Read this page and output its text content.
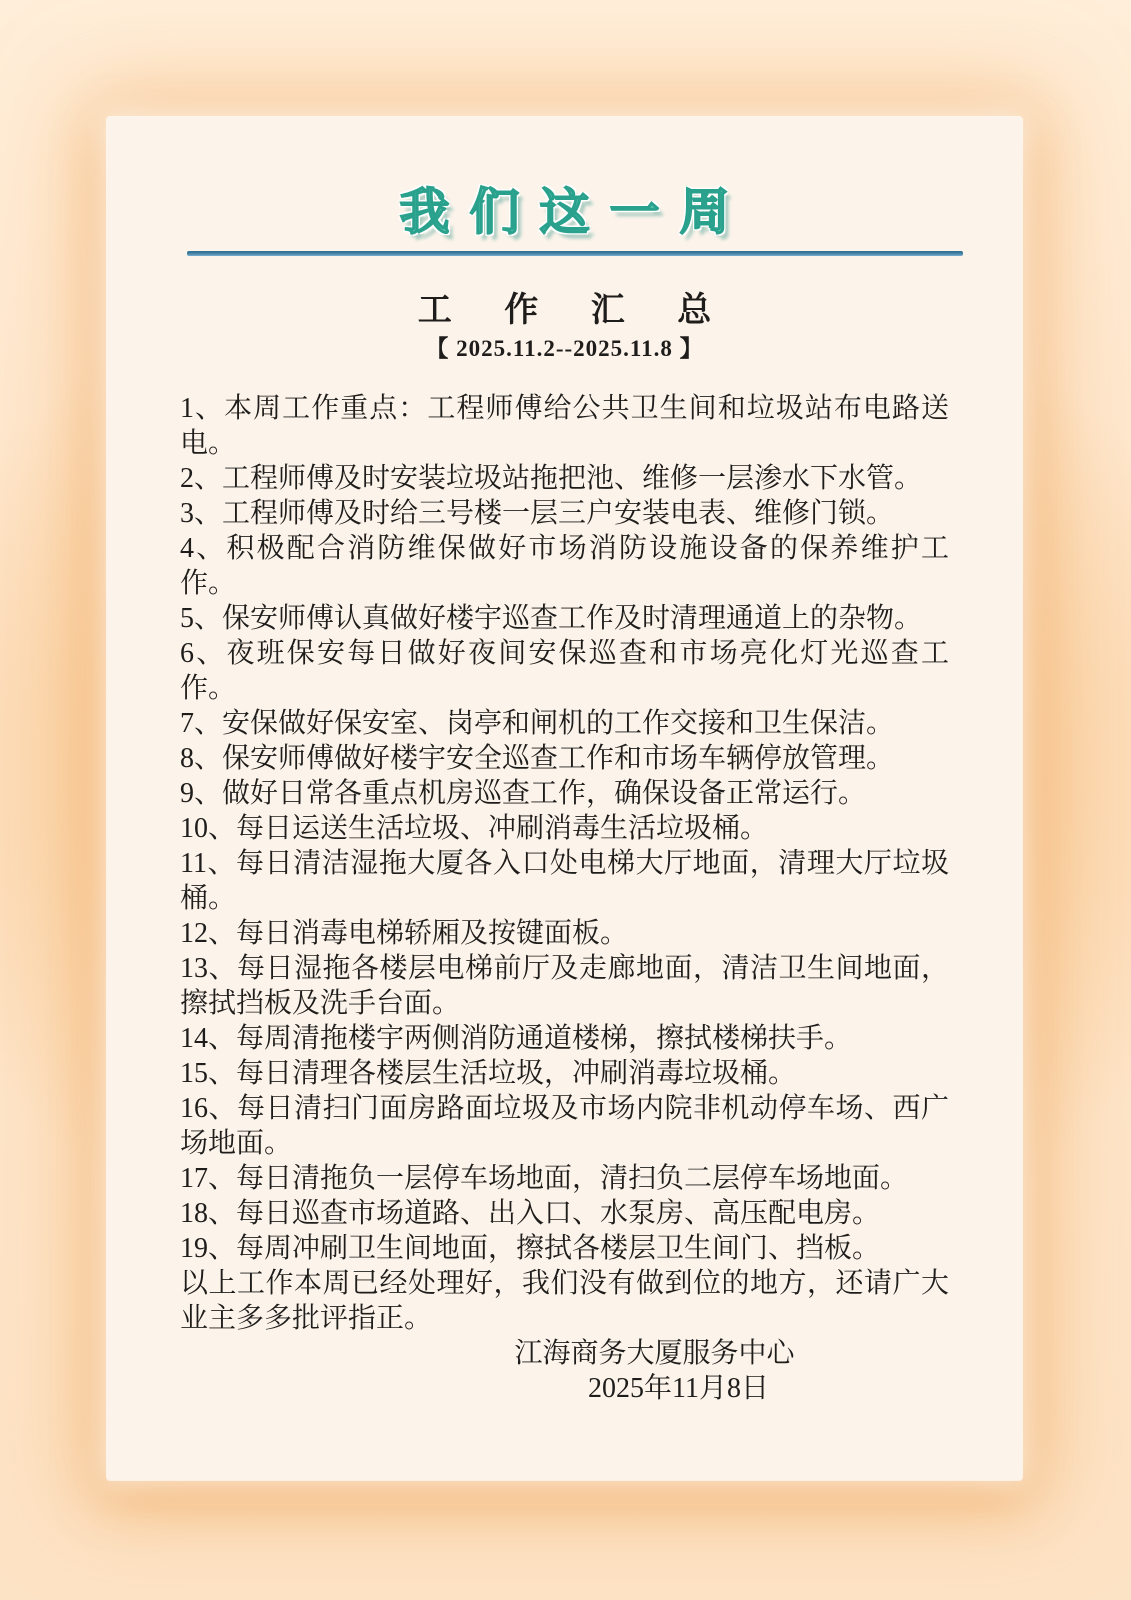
我们这一周
工 作 汇 总
【 2025.11.2--2025.11.8 】

1、本周工作重点：工程师傅给公共卫生间和垃圾站布电路送电。

2、工程师傅及时安装垃圾站拖把池、维修一层渗水下水管。

3、工程师傅及时给三号楼一层三户安装电表、维修门锁。

4、积极配合消防维保做好市场消防设施设备的保养维护工作。

5、保安师傅认真做好楼宇巡查工作及时清理通道上的杂物。

6、夜班保安每日做好夜间安保巡查和市场亮化灯光巡查工作。

7、安保做好保安室、岗亭和闸机的工作交接和卫生保洁。

8、保安师傅做好楼宇安全巡查工作和市场车辆停放管理。

9、做好日常各重点机房巡查工作，确保设备正常运行。

10、每日运送生活垃圾、冲刷消毒生活垃圾桶。

11、每日清洁湿拖大厦各入口处电梯大厅地面，清理大厅垃圾桶。

12、每日消毒电梯轿厢及按键面板。

13、每日湿拖各楼层电梯前厅及走廊地面，清洁卫生间地面，擦拭挡板及洗手台面。

14、每周清拖楼宇两侧消防通道楼梯，擦拭楼梯扶手。

15、每日清理各楼层生活垃圾，冲刷消毒垃圾桶。

16、每日清扫门面房路面垃圾及市场内院非机动停车场、西广场地面。

17、每日清拖负一层停车场地面，清扫负二层停车场地面。

18、每日巡查市场道路、出入口、水泵房、高压配电房。

19、每周冲刷卫生间地面，擦拭各楼层卫生间门、挡板。

以上工作本周已经处理好，我们没有做到位的地方，还请广大业主多多批评指正。
江海商务大厦服务中心
2025年11月8日
